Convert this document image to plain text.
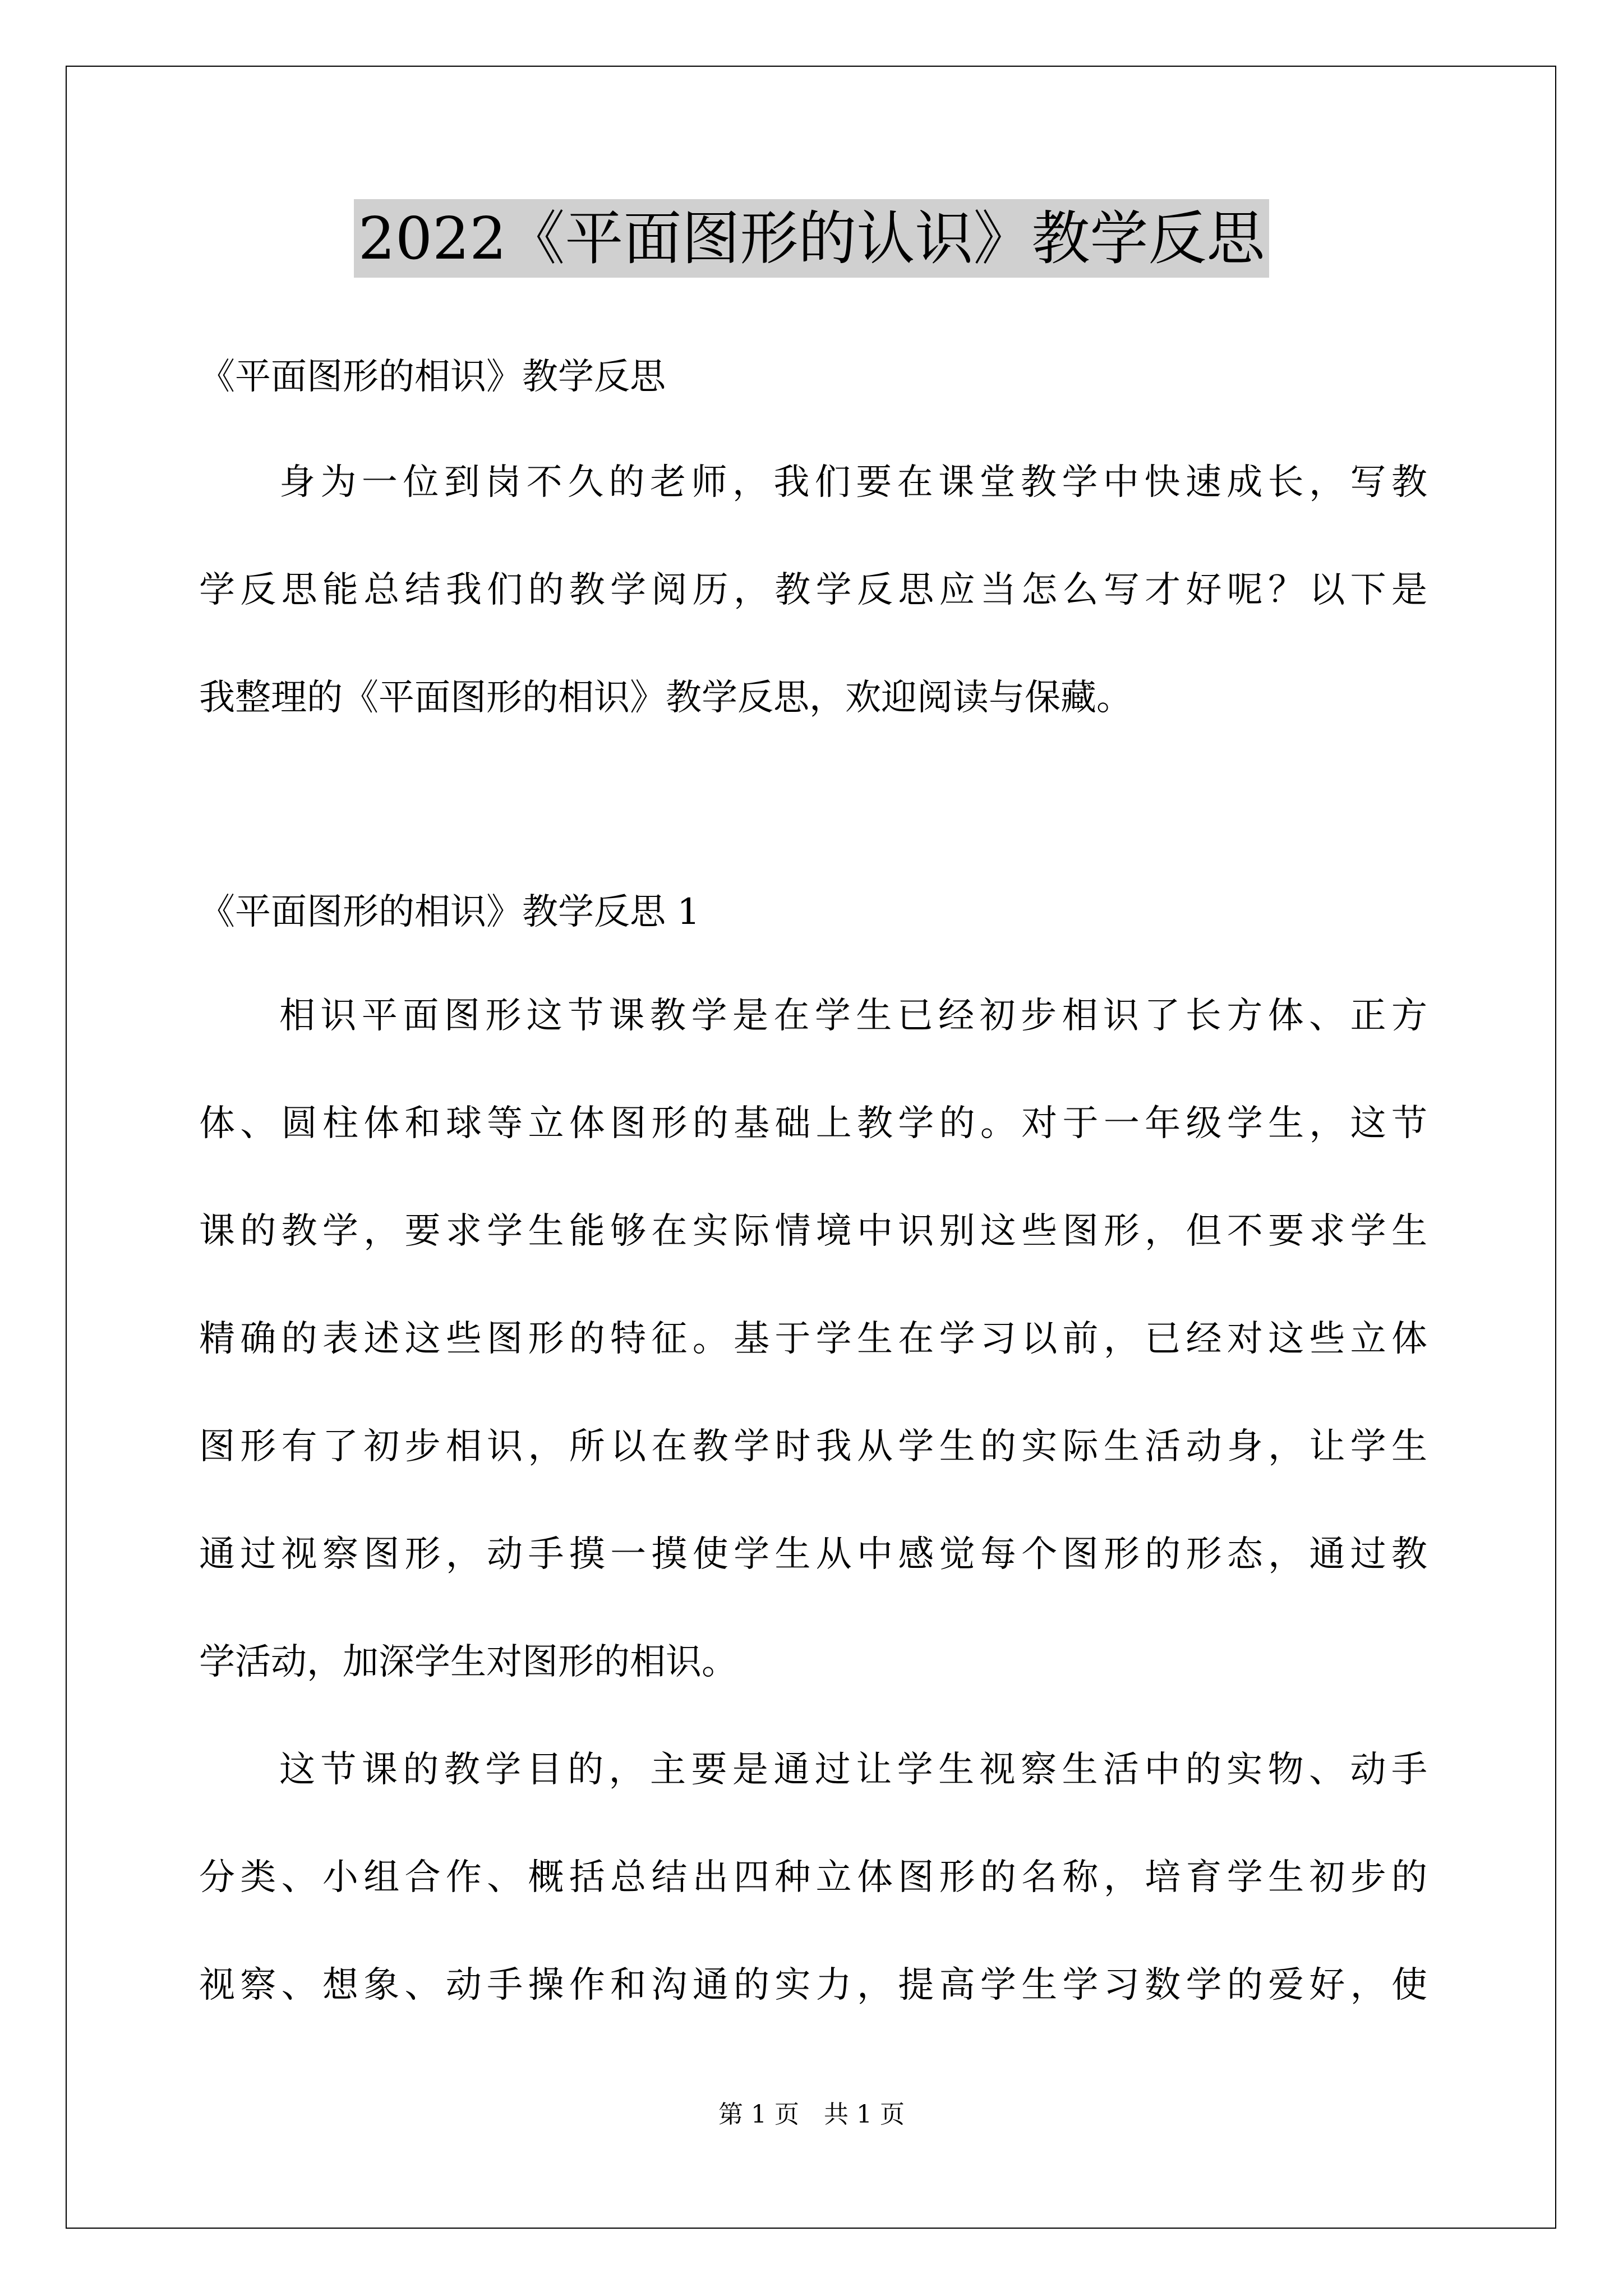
2022《平面图形的认识》教学反思
《平面图形的相识》教学反思
身为一位到岗不久的老师，我们要在课堂教学中快速成长，写教
学反思能总结我们的教学阅历，教学反思应当怎么写才好呢？以下是
我整理的《平面图形的相识》教学反思，欢迎阅读与保藏。
《平面图形的相识》教学反思 1
相识平面图形这节课教学是在学生已经初步相识了长方体、正方
体、圆柱体和球等立体图形的基础上教学的。对于一年级学生，这节
课的教学，要求学生能够在实际情境中识别这些图形，但不要求学生
精确的表述这些图形的特征。基于学生在学习以前，已经对这些立体
图形有了初步相识，所以在教学时我从学生的实际生活动身，让学生
通过视察图形，动手摸一摸使学生从中感觉每个图形的形态，通过教
学活动，加深学生对图形的相识。
这节课的教学目的，主要是通过让学生视察生活中的实物、动手
分类、小组合作、概括总结出四种立体图形的名称，培育学生初步的
视察、想象、动手操作和沟通的实力，提高学生学习数学的爱好，使
第 1 页　共 1 页
